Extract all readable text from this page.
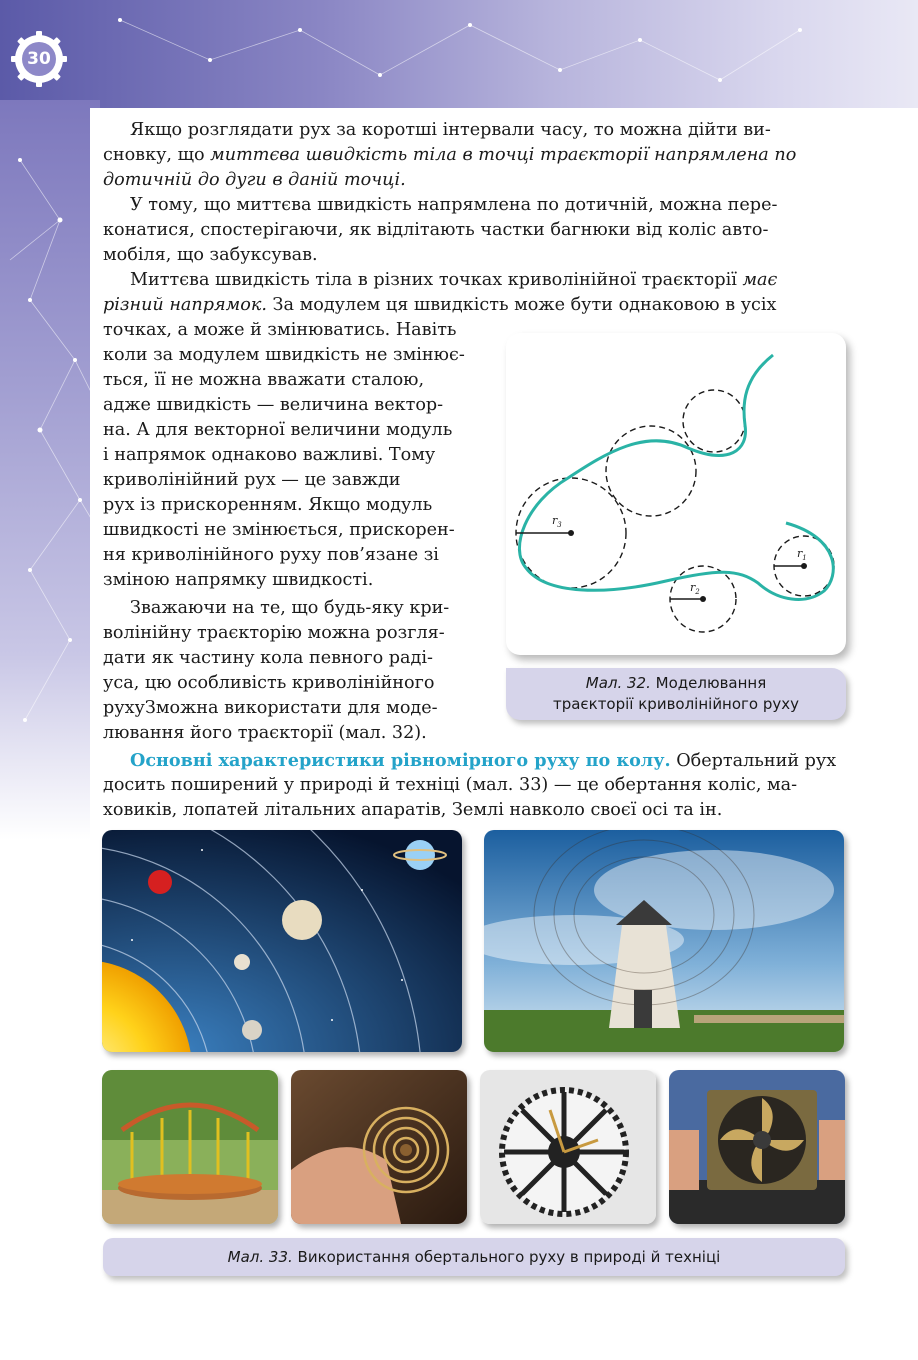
30

Якщо розглядати рух за коротші інтервали часу, то можна дійти ви-

сновку, що миттєва швидкість тіла в точці траєкторії напрямлена по

дотичній до дуги в даній точці.

У тому, що миттєва швидкість напрямлена по дотичній, можна пере-

конатися, спостерігаючи, як відлітають частки багнюки від коліс авто-

мобіля, що забуксував.

Миттєва швидкість тіла в різних точках криволінійної траєкторії має

різний напрямок. За модулем ця швидкість може бути однаковою в усіх

точках, а може й змінюватись. Навіть

коли за модулем швидкість не змінює-

ться, її не можна вважати сталою,

адже швидкість — величина вектор-

на. А для векторної величини модуль

і напрямок однаково важливі. Тому

криволінійний рух — це завжди

рух із прискоренням. Якщо модуль

швидкості не змінюється, прискорен-

ня криволінійного руху пов’язане зі

зміною напрямку швидкості.

Зважаючи на те, що будь-яку кри-

волінійну траєкторію можна розгля-

дати як частину кола певного раді-

уса, цю особливість криволінійного

рухуЗможна використати для моде-

лювання його траєкторії (мал. 32).

Основні характеристики рівномірного руху по колу. Обертальний рух

досить поширений у природі й техніці (мал. 33) — це обертання коліс, ма-

ховиків, лопатей літальних апаратів, Землі навколо своєї осі та ін.

$r_3$
$r_2$
$r_1$
Мал. 32. Моделювання
траєкторії криволінійного руху
Мал. 33. Використання обертального руху в природі й техніці
